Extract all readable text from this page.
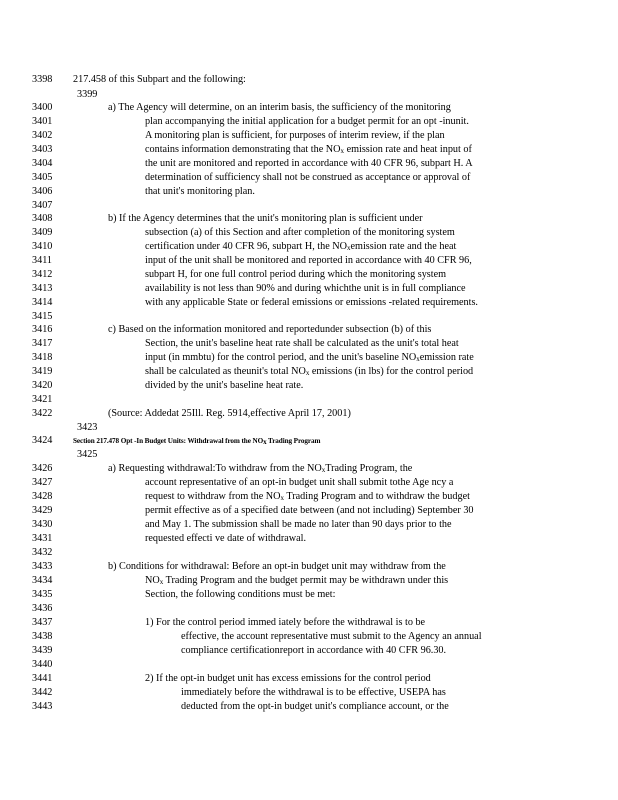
3398 217.458 of this Subpart and the following:
3399
3400	a) The Agency will determine, on an interim basis, the sufficiency of the monitoring
3401	plan accompanying the initial application for a budget permit for an opt -inunit.
3402	A monitoring plan is sufficient, for purposes of interim review, if the plan
3403	contains information demonstrating that the NOx emission rate and heat input of
3404	the unit are monitored and reported in accordance with 40 CFR 96, subpart H. A
3405	determination of sufficiency shall not be construed as acceptance or approval of
3406	that unit's monitoring plan.
3407
3408	b) If the Agency determines that the unit's monitoring plan is sufficient under
3409	subsection (a) of this Section and after completion of the monitoring system
3410	certification under 40 CFR 96, subpart H, the NOxemission rate and the heat
3411	input of the unit shall be monitored and reported in accordance with 40 CFR 96,
3412	subpart H, for one full control period during which the monitoring system
3413	availability is not less than 90% and during whichthe unit is in full compliance
3414	with any applicable State or federal emissions or emissions -related requirements.
3415
3416	c) Based on the information monitored and reportedunder subsection (b) of this
3417	Section, the unit's baseline heat rate shall be calculated as the unit's total heat
3418	input (in mmbtu) for the control period, and the unit's baseline NOxemission rate
3419	shall be calculated as theunit's total NOx emissions (in lbs) for the control period
3420	divided by the unit's baseline heat rate.
3421
3422	(Source: Addedat 25Ill. Reg. 5914,effective April 17, 2001)
3423
3424	Section 217.478 Opt -In Budget Units: Withdrawal from the NOx Trading Program
3425
3426	a) Requesting withdrawal:To withdraw from the NOxTrading Program, the
3427	account representative of an opt-in budget unit shall submit tothe Age ncy a
3428	request to withdraw from the NOx Trading Program and to withdraw the budget
3429	permit effective as of a specified date between (and not including) September 30
3430	and May 1. The submission shall be made no later than 90 days prior to the
3431	requested effecti ve date of withdrawal.
3432
3433	b) Conditions for withdrawal: Before an opt-in budget unit may withdraw from the
3434	NOx Trading Program and the budget permit may be withdrawn under this
3435	Section, the following conditions must be met:
3436
3437	1) For the control period immed iately before the withdrawal is to be
3438	effective, the account representative must submit to the Agency an annual
3439	compliance certificationreport in accordance with 40 CFR 96.30.
3440
3441	2) If the opt-in budget unit has excess emissions for the control period
3442	immediately before the withdrawal is to be effective, USEPA has
3443	deducted from the opt-in budget unit's compliance account, or the
